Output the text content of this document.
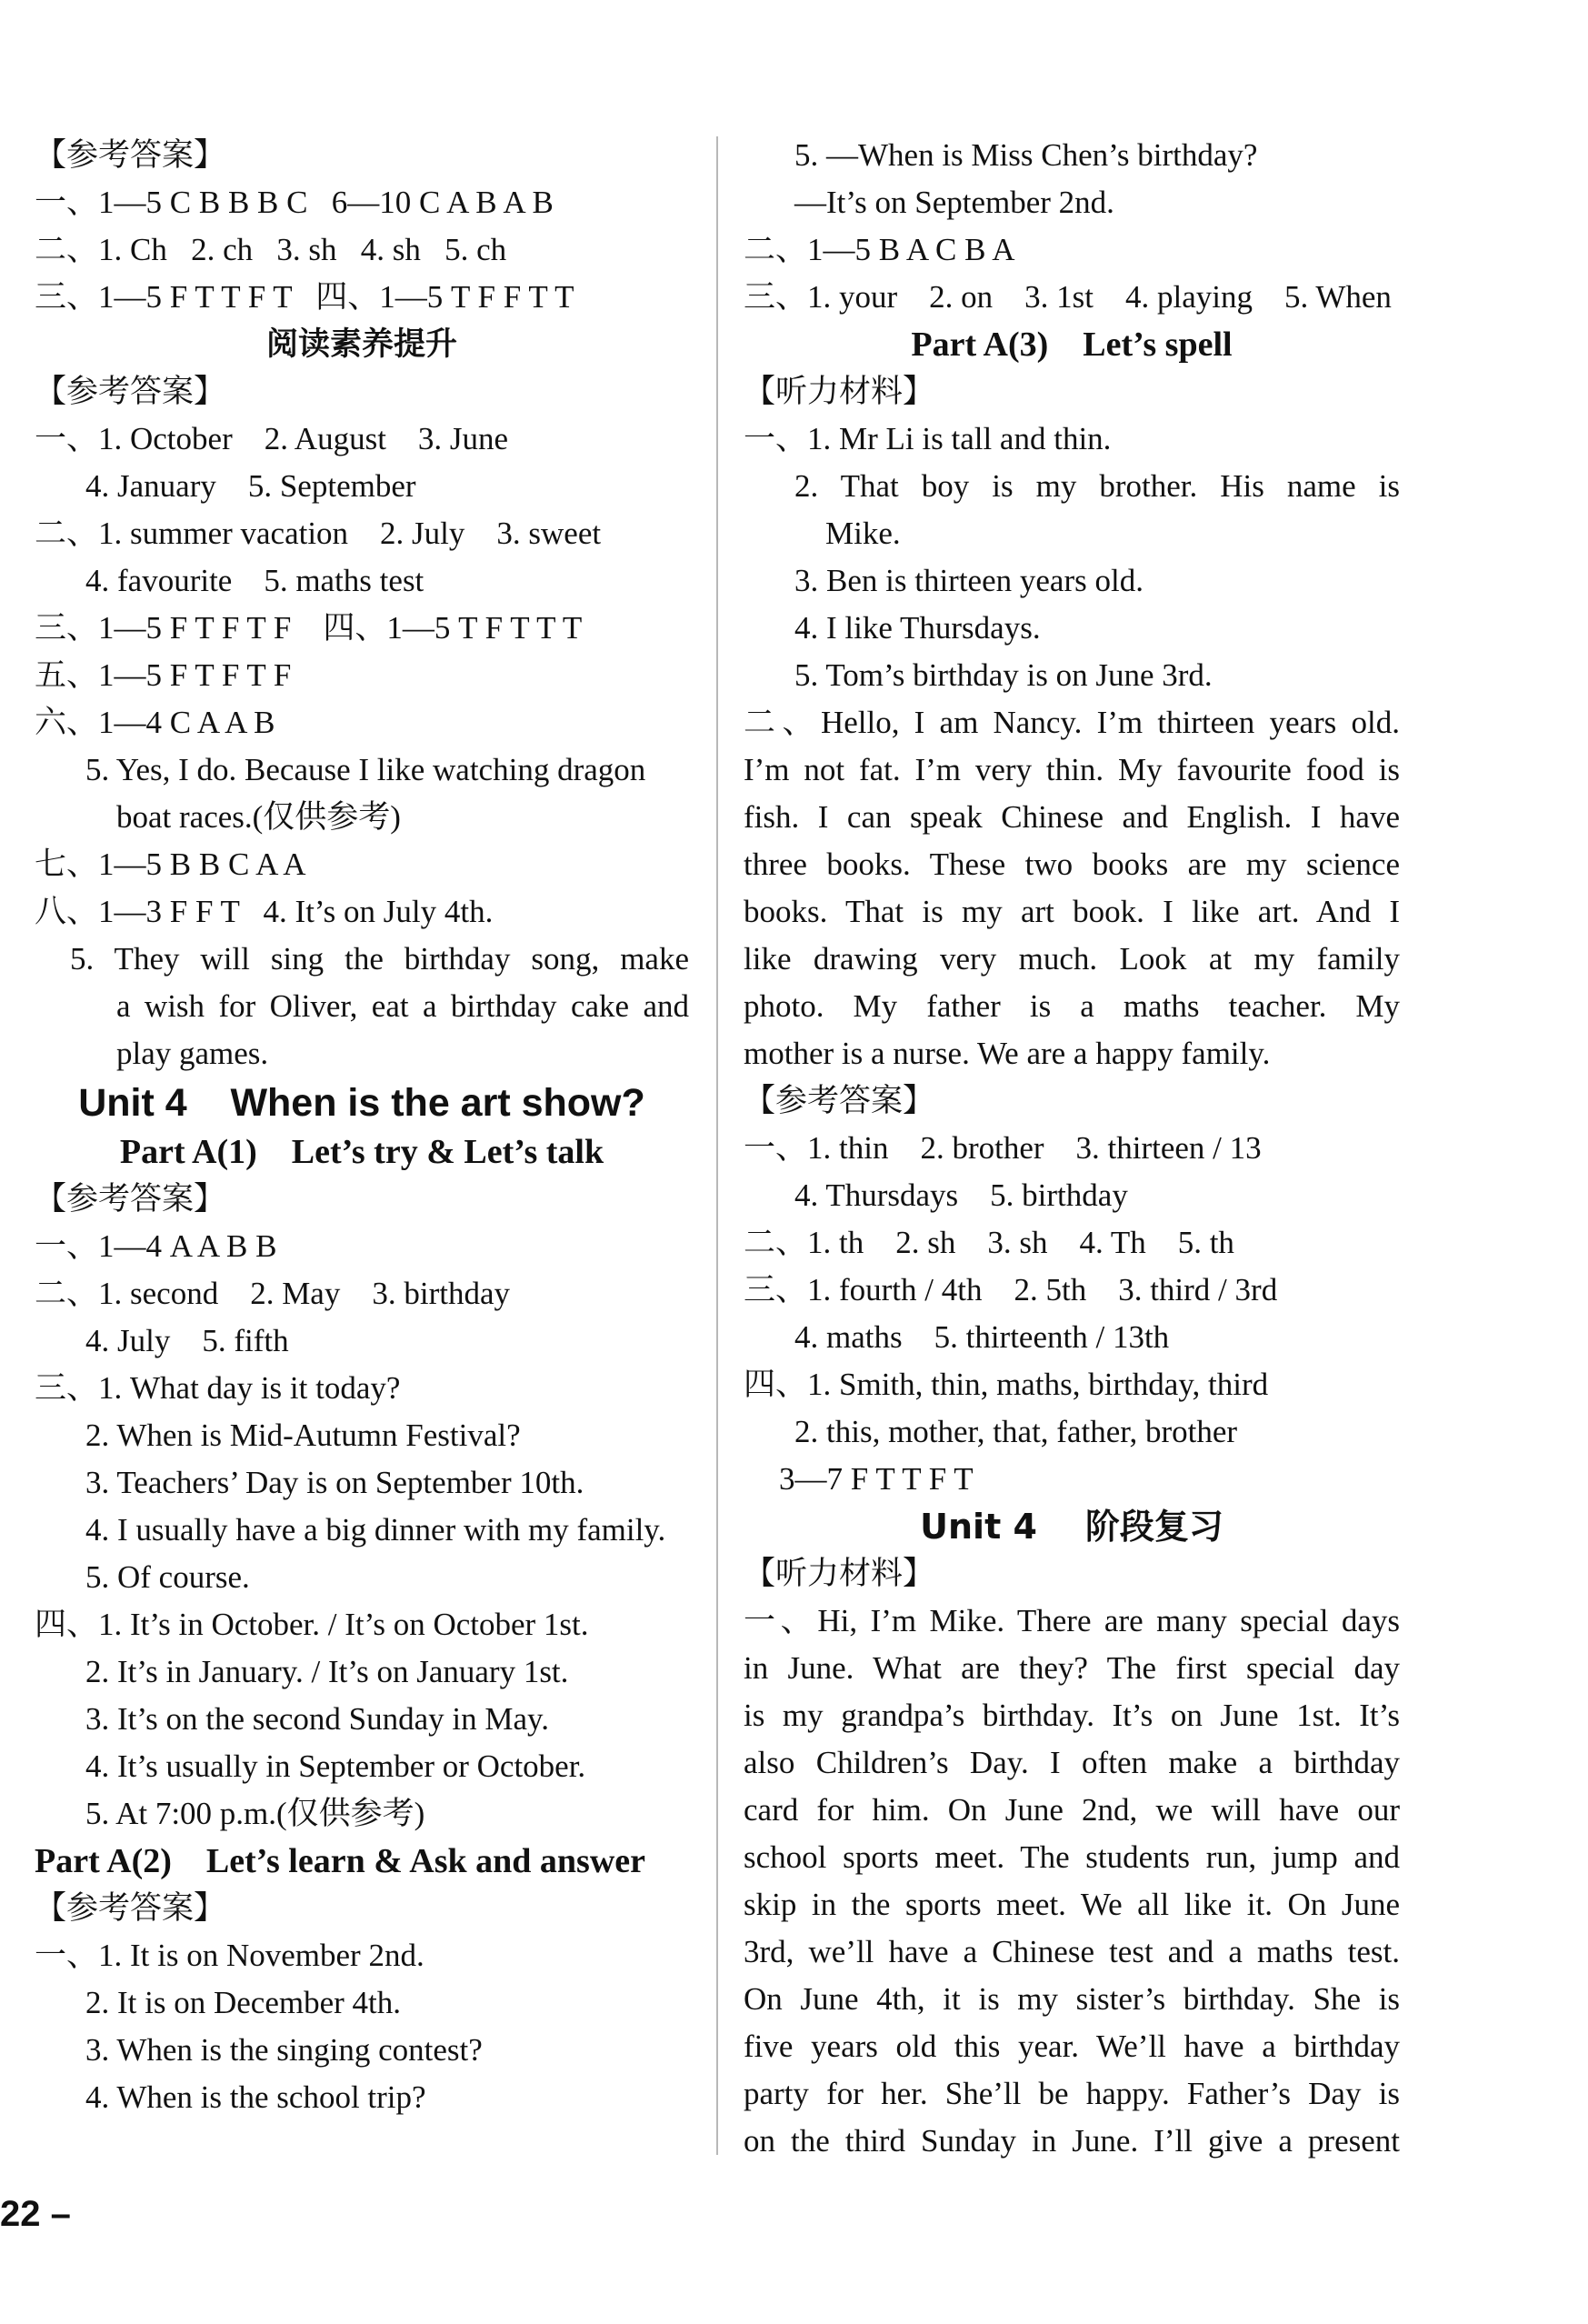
【参考答案】
一、1—5 C B B B C   6—10 C A B A B
二、1. Ch   2. ch   3. sh   4. sh   5. ch
三、1—5 F T T F T   四、1—5 T F F T T
阅读素养提升
【参考答案】
一、1. October    2. August    3. June
4. January    5. September
二、1. summer vacation    2. July    3. sweet
4. favourite    5. maths test
三、1—5 F T F T F    四、1—5 T F T T T
五、1—5 F T F T F
六、1—4 C A A B
5. Yes, I do. Because I like watching dragon
boat races.(仅供参考)
七、1—5 B B C A A
八、1—3 F F T   4. It’s on July 4th.
5. They will sing the birthday song, make
a wish for Oliver, eat a birthday cake and
play games.
Unit 4    When is the art show?
Part A(1)    Let’s try & Let’s talk
【参考答案】
一、1—4 A A B B
二、1. second    2. May    3. birthday
4. July    5. fifth
三、1. What day is it today?
2. When is Mid-Autumn Festival?
3. Teachers’ Day is on September 10th.
4. I usually have a big dinner with my family.
5. Of course.
四、1. It’s in October. / It’s on October 1st.
2. It’s in January. / It’s on January 1st.
3. It’s on the second Sunday in May.
4. It’s usually in September or October.
5. At 7:00 p.m.(仅供参考)
Part A(2)    Let’s learn & Ask and answer
【参考答案】
一、1. It is on November 2nd.
2. It is on December 4th.
3. When is the singing contest?
4. When is the school trip?
5. —When is Miss Chen’s birthday?
—It’s on September 2nd.
二、1—5 B A C B A
三、1. your    2. on    3. 1st    4. playing    5. When
Part A(3)    Let’s spell
【听力材料】
一、1. Mr Li is tall and thin.
2. That boy is my brother. His name is
Mike.
3. Ben is thirteen years old.
4. I like Thursdays.
5. Tom’s birthday is on June 3rd.
二、Hello, I am Nancy. I’m thirteen years old.
I’m not fat. I’m very thin. My favourite food is
fish. I can speak Chinese and English. I have
three books. These two books are my science
books. That is my art book. I like art. And I
like drawing very much. Look at my family
photo. My father is a maths teacher. My
mother is a nurse. We are a happy family.
【参考答案】
一、1. thin    2. brother    3. thirteen / 13
4. Thursdays    5. birthday
二、1. th    2. sh    3. sh    4. Th    5. th
三、1. fourth / 4th    2. 5th    3. third / 3rd
4. maths    5. thirteenth / 13th
四、1. Smith, thin, maths, birthday, third
2. this, mother, that, father, brother
3—7 F T T F T
Unit 4    阶段复习
【听力材料】
一、Hi, I’m Mike. There are many special days
in June. What are they? The first special day
is my grandpa’s birthday. It’s on June 1st. It’s
also Children’s Day. I often make a birthday
card for him. On June 2nd, we will have our
school sports meet. The students run, jump and
skip in the sports meet. We all like it. On June
3rd, we’ll have a Chinese test and a maths test.
On June 4th, it is my sister’s birthday. She is
five years old this year. We’ll have a birthday
party for her. She’ll be happy. Father’s Day is
on the third Sunday in June. I’ll give a present
22 –
